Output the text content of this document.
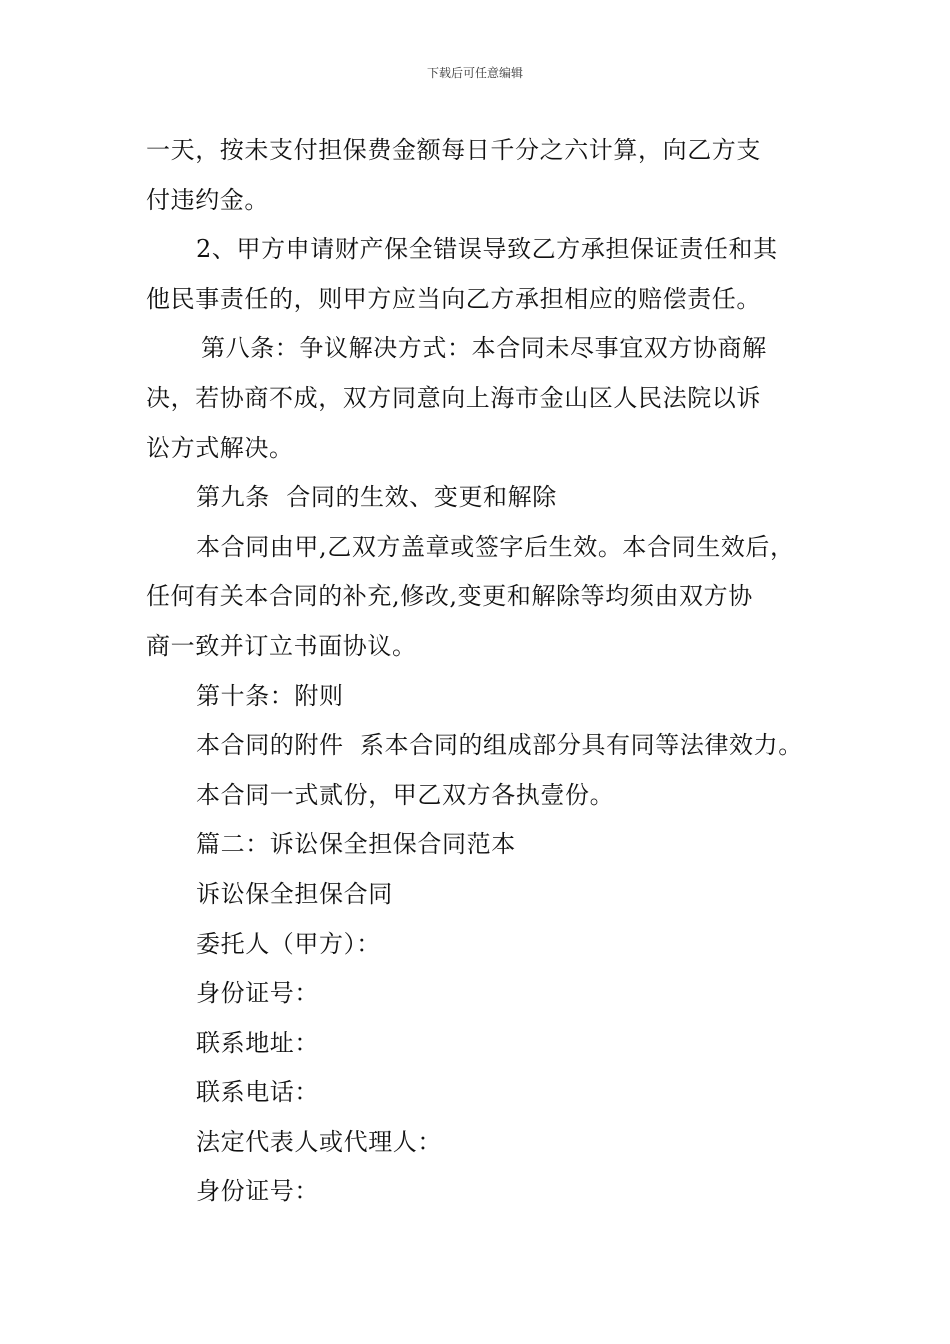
下载后可任意编辑

一天，按未支付担保费金额每日千分之六计算，向乙方支

付违约金。

2、甲方申请财产保全错误导致乙方承担保证责任和其

他民事责任的，则甲方应当向乙方承担相应的赔偿责任。

第八条：争议解决方式：本合同未尽事宜双方协商解

决，若协商不成，双方同意向上海市金山区人民法院以诉

讼方式解决。

第九条  合同的生效、变更和解除

本合同由甲,乙双方盖章或签字后生效。本合同生效后，

任何有关本合同的补充,修改,变更和解除等均须由双方协

商一致并订立书面协议。

第十条：附则

本合同的附件  系本合同的组成部分具有同等法律效力。

本合同一式贰份，甲乙双方各执壹份。

篇二：诉讼保全担保合同范本

诉讼保全担保合同

委托人（甲方）：

身份证号：

联系地址：

联系电话：

法定代表人或代理人：

身份证号：
